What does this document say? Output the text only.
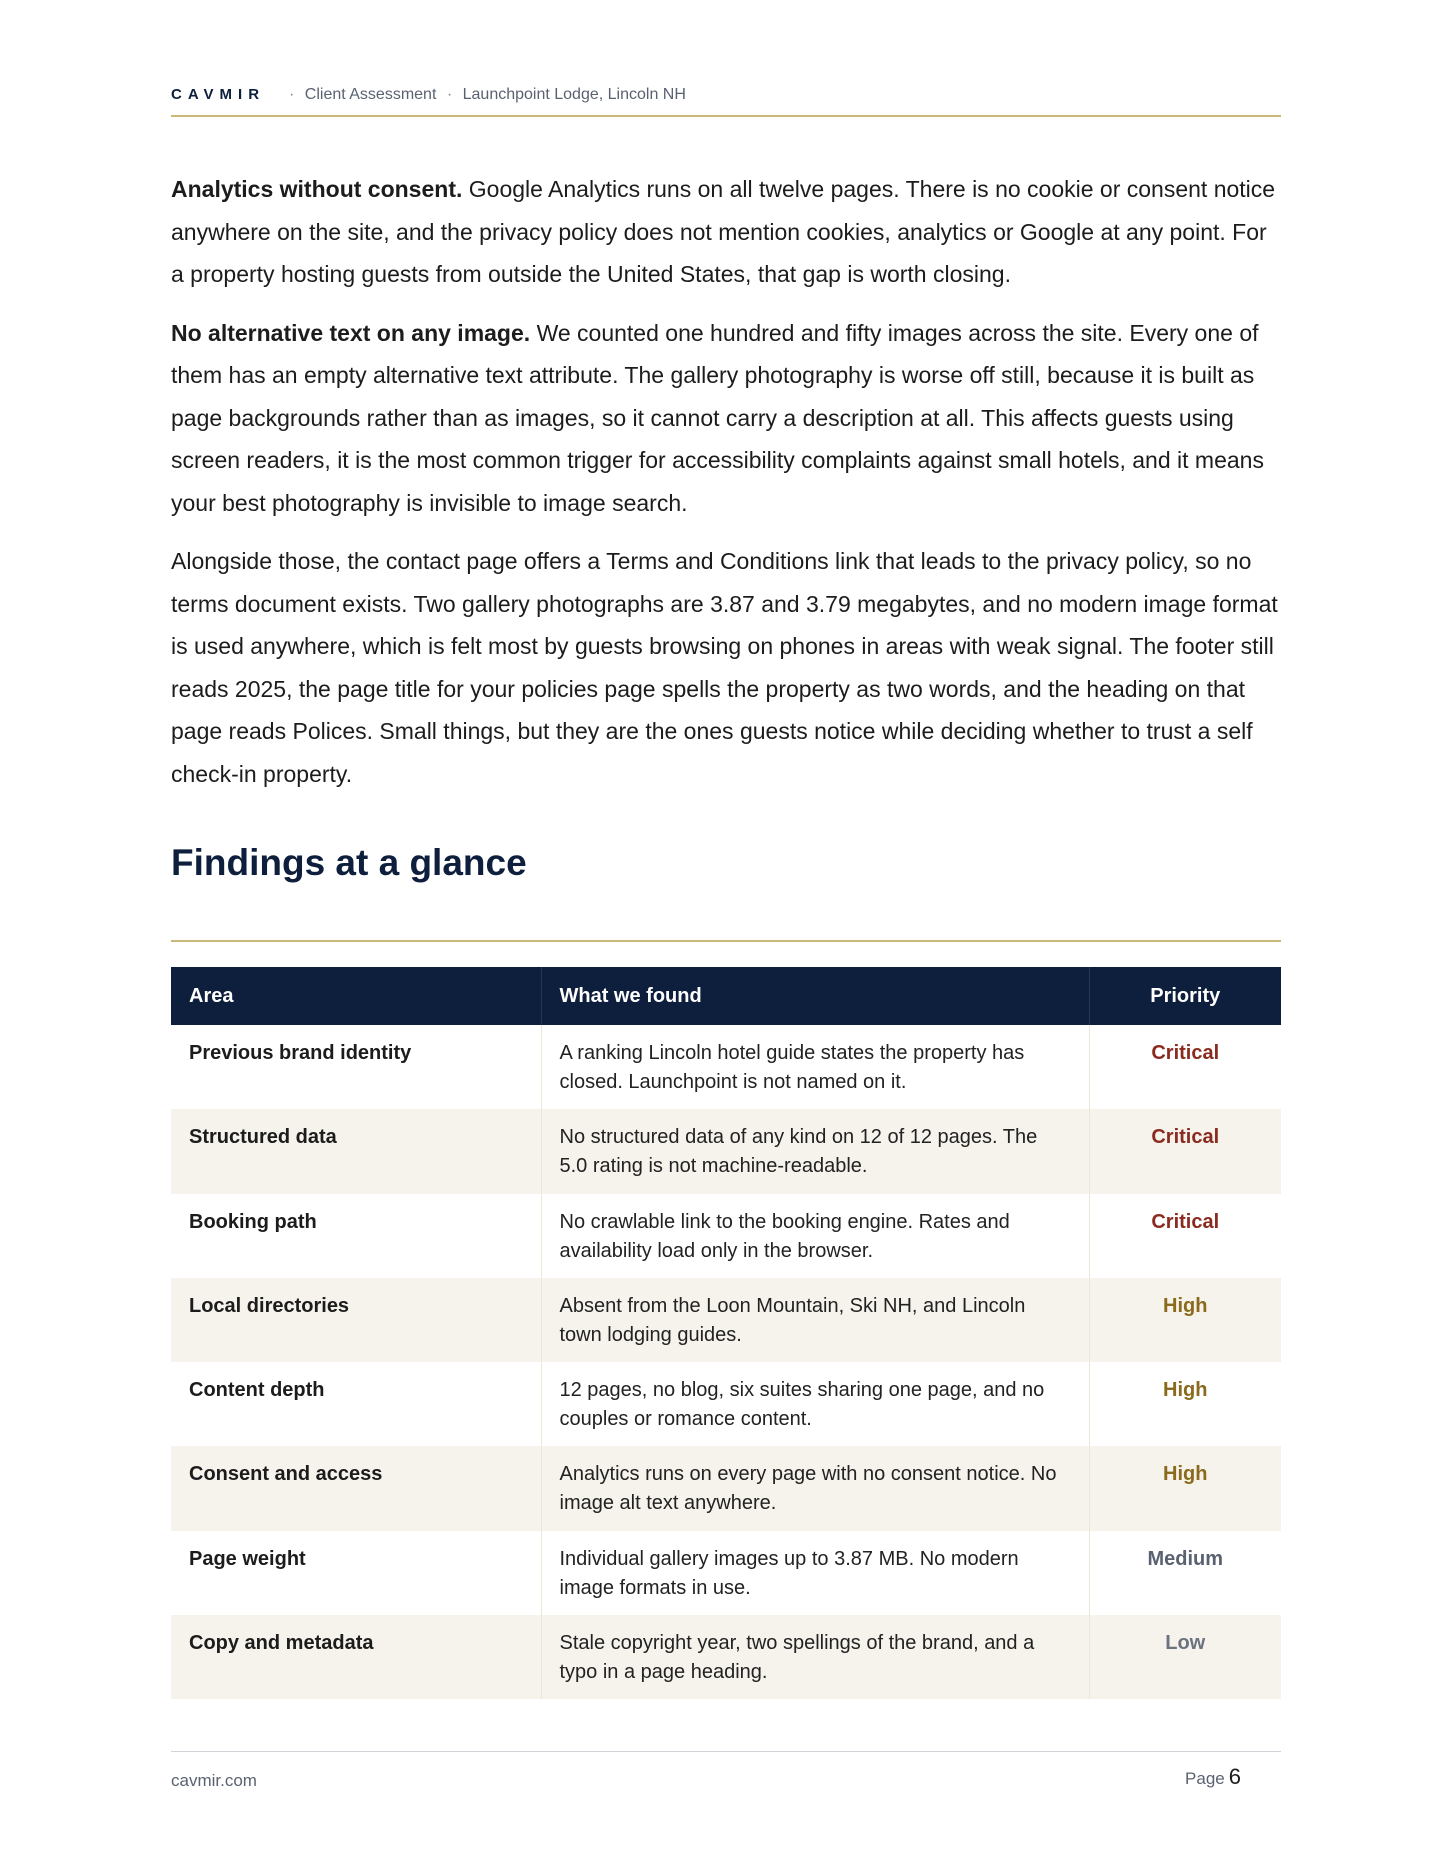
CAVMIR	· Client Assessment · Launchpoint Lodge, Lincoln NH

Analytics without consent. Google Analytics runs on all twelve pages. There is no cookie or consent notice anywhere on the site, and the privacy policy does not mention cookies, analytics or Google at any point. For a property hosting guests from outside the United States, that gap is worth closing.

No alternative text on any image. We counted one hundred and fifty images across the site. Every one of them has an empty alternative text attribute. The gallery photography is worse off still, because it is built as page backgrounds rather than as images, so it cannot carry a description at all. This affects guests using screen readers, it is the most common trigger for accessibility complaints against small hotels, and it means your best photography is invisible to image search.

Alongside those, the contact page offers a Terms and Conditions link that leads to the privacy policy, so no terms document exists. Two gallery photographs are 3.87 and 3.79 megabytes, and no modern image format is used anywhere, which is felt most by guests browsing on phones in areas with weak signal. The footer still reads 2025, the page title for your policies page spells the property as two words, and the heading on that page reads Polices. Small things, but they are the ones guests notice while deciding whether to trust a self check-in property.

Findings at a glance
Area	What we found	Priority
Previous brand identity	A ranking Lincoln hotel guide states the property has closed. Launchpoint is not named on it.	Critical
Structured data	No structured data of any kind on 12 of 12 pages. The 5.0 rating is not machine-readable.	Critical
Booking path	No crawlable link to the booking engine. Rates and availability load only in the browser.	Critical
Local directories	Absent from the Loon Mountain, Ski NH, and Lincoln town lodging guides.	High
Content depth	12 pages, no blog, six suites sharing one page, and no couples or romance content.	High
Consent and access	Analytics runs on every page with no consent notice. No image alt text anywhere.	High
Page weight	Individual gallery images up to 3.87 MB. No modern image formats in use.	Medium
Copy and metadata	Stale copyright year, two spellings of the brand, and a typo in a page heading.	Low
cavmir.com	Page 6
